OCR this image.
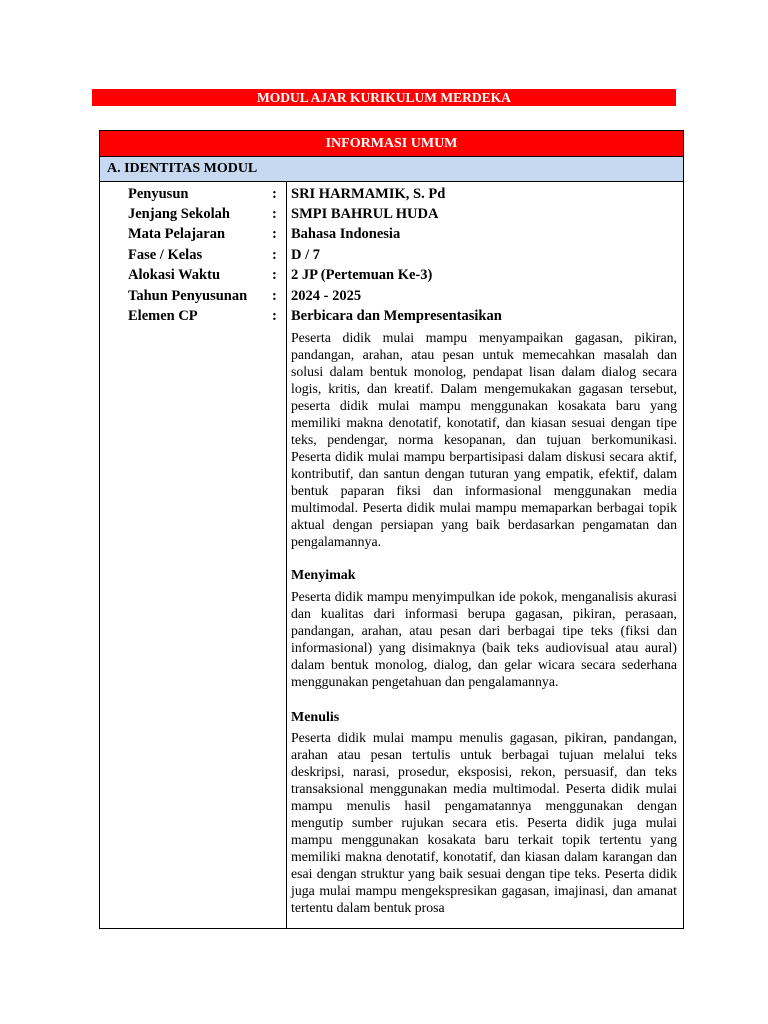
MODUL AJAR KURIKULUM MERDEKA
INFORMASI UMUM
A. IDENTITAS MODUL
Penyusun	: SRI HARMAMIK, S. Pd
Jenjang Sekolah	: SMPI BAHRUL HUDA
Mata Pelajaran	: Bahasa Indonesia
Fase / Kelas	: D / 7
Alokasi Waktu	: 2 JP (Pertemuan Ke-3)
Tahun Penyusunan : 2024 - 2025
Elemen CP	: Berbicara dan Mempresentasikan

Peserta didik mulai mampu menyampaikan gagasan, pikiran, pandangan, arahan, atau pesan untuk memecahkan masalah dan solusi dalam bentuk monolog, pendapat lisan dalam dialog secara logis, kritis, dan kreatif. Dalam mengemukakan gagasan tersebut, peserta didik mulai mampu menggunakan kosakata baru yang memiliki makna denotatif, konotatif, dan kiasan sesuai dengan tipe teks, pendengar, norma kesopanan, dan tujuan berkomunikasi. Peserta didik mulai mampu berpartisipasi dalam diskusi secara aktif, kontributif, dan santun dengan tuturan yang empatik, efektif, dalam bentuk paparan fiksi dan informasional menggunakan media multimodal. Peserta didik mulai mampu memaparkan berbagai topik aktual dengan persiapan yang baik berdasarkan pengamatan dan pengalamannya.

Menyimak

Peserta didik mampu menyimpulkan ide pokok, menganalisis akurasi dan kualitas dari informasi berupa gagasan, pikiran, perasaan, pandangan, arahan, atau pesan dari berbagai tipe teks (fiksi dan informasional) yang disimaknya (baik teks audiovisual atau aural) dalam bentuk monolog, dialog, dan gelar wicara secara sederhana menggunakan pengetahuan dan pengalamannya.

Menulis

Peserta didik mulai mampu menulis gagasan, pikiran, pandangan, arahan atau pesan tertulis untuk berbagai tujuan melalui teks deskripsi, narasi, prosedur, eksposisi, rekon, persuasif, dan teks transaksional menggunakan media multimodal. Peserta didik mulai mampu menulis hasil pengamatannya menggunakan dengan mengutip sumber rujukan secara etis. Peserta didik juga mulai mampu menggunakan kosakata baru terkait topik tertentu yang memiliki makna denotatif, konotatif, dan kiasan dalam karangan dan esai dengan struktur yang baik sesuai dengan tipe teks. Peserta didik juga mulai mampu mengekspresikan gagasan, imajinasi, dan amanat tertentu dalam bentuk prosa
